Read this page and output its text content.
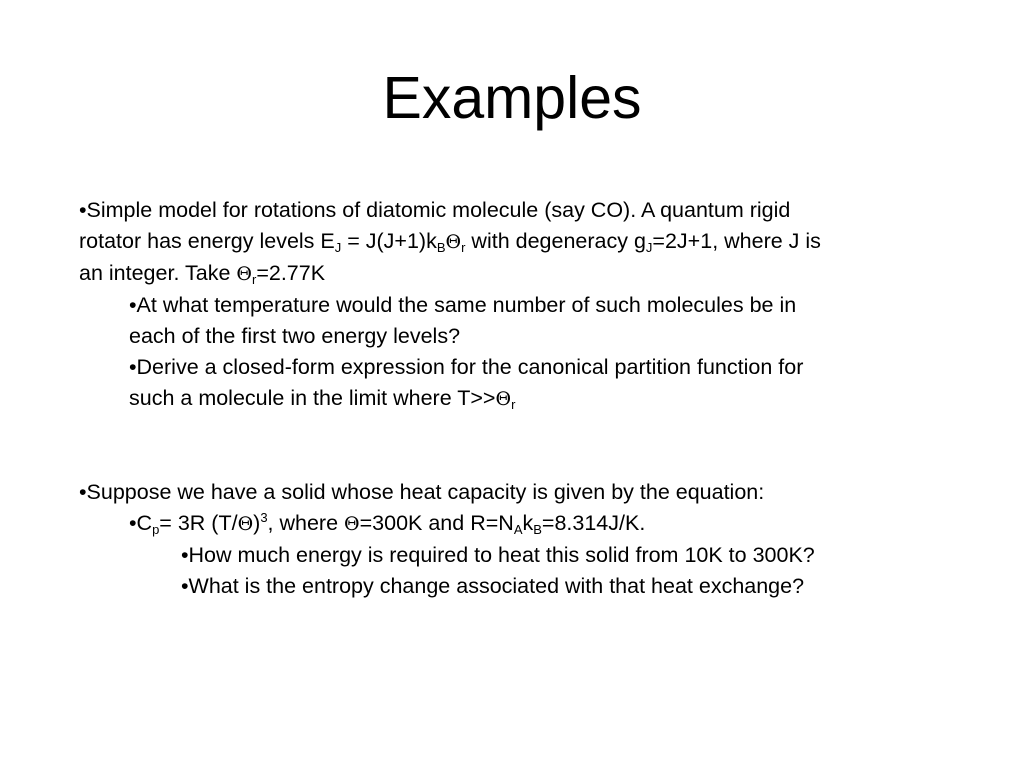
Examples

•Simple model for rotations of diatomic molecule (say CO). A quantum rigid

rotator has energy levels $E_J = J(J+1)k_B\Theta_r$ with degeneracy $g_J=2J+1$, where J is

an integer. Take $\Theta_r=2.77K$

•At what temperature would the same number of such molecules be in

each of the first two energy levels?

•Derive a closed-form expression for the canonical partition function for

such a molecule in the limit where $T>>\Theta_r$

•Suppose we have a solid whose heat capacity is given by the equation:

$•C_p= 3R$ $(T/\Theta)^3$, where Θ=300K and $R=N_Ak_B=8.314J/K$.

•How much energy is required to heat this solid from 10K to 300K?

•What is the entropy change associated with that heat exchange?
